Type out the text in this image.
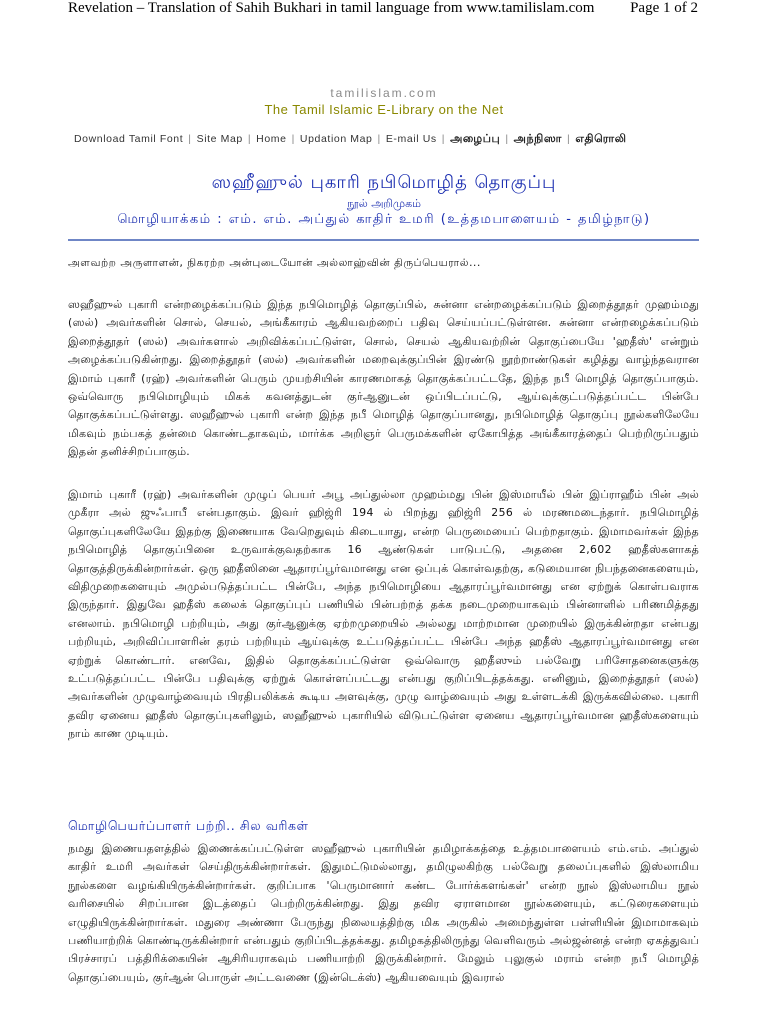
Revelation – Translation of Sahih Bukhari in tamil language from www.tamilislam.com Page 1 of 2
tamilislam.com
The Tamil Islamic E-Library on the Net
Download Tamil Font | Site Map | Home | Updation Map | E-mail Us | அழைப்பு | அந்நிஸா | எதிரொலி
ஸஹீஹுல் புகாரி நபிமொழித் தொகுப்பு
நூல் அறிமுகம்
மொழியாக்கம் : எம். எம். அப்துல் காதிர் உமரி (உத்தமபாளையம் - தமிழ்நாடு)
அளவற்ற அருளாளன், நிகரற்ற அன்புடையோன் அல்லாஹ்வின் திருப்பெயரால்...
ஸஹீஹுல் புகாரி என்றழைக்கப்படும் இந்த நபிமொழித் தொகுப்பில், சுன்னா என்றழைக்கப்படும் இறைத்தூதர் முஹம்மது (ஸல்) அவர்களின் சொல், செயல், அங்கீகாரம் ஆகியவற்றைப் பதிவு செய்யப்பட்டுள்ளன. சுன்னா என்றழைக்கப்படும் இறைத்தூதர் (ஸல்) அவர்களால் அறிவிக்கப்பட்டுள்ள, சொல், செயல் ஆகியவற்றின் தொகுப்பையே 'ஹதீஸ்' என்றும் அழைக்கப்படுகின்றது. இறைத்தூதர் (ஸல்) அவர்களின் மறைவுக்குப்பின் இரண்டு நூற்றாண்டுகள் கழித்து வாழ்ந்தவரான இமாம் புகாரீ (ரஹ்) அவர்களின் பெரும் முயற்சியின் காரணமாகத் தொகுக்கப்பட்டதே, இந்த நபீ மொழித் தொகுப்பாகும். ஒவ்வொரு நபிமொழியும் மிகக் கவனத்துடன் குர்ஆனுடன் ஒப்பிடப்பட்டு, ஆய்வுக்குட்படுத்தப்பட்ட பின்பே தொகுக்கப்பட்டுள்ளது. ஸஹீஹுல் புகாரி என்ற இந்த நபீ மொழித் தொகுப்பானது, நபிமொழித் தொகுப்பு நூல்களிலேயே மிகவும் நம்பகத் தன்மை கொண்டதாகவும், மார்க்க அறிஞர் பெருமக்களின் ஏகோபித்த அங்கீகாரத்தைப் பெற்றிருப்பதும் இதன் தனிச்சிறப்பாகும்.
இமாம் புகாரீ (ரஹ்) அவர்களின் முழுப் பெயர் அபூ அப்துல்லா முஹம்மது பின் இஸ்மாயீல் பின் இப்ராஹீம் பின் அல் முகீரா அல் ஜுஃபாபீ என்பதாகும். இவர் ஹிஜ்ரி 194 ல் பிறந்து ஹிஜ்ரி 256 ல் மரணமடைந்தார். நபிமொழித் தொகுப்புகளிலேயே இதற்கு இணையாக வேறெதுவும் கிடையாது, என்ற பெருமையைப் பெற்றதாகும். இமாமவர்கள் இந்த நபிமொழித் தொகுப்பினை உருவாக்குவதற்காக 16 ஆண்டுகள் பாடுபட்டு, அதனை 2,602 ஹதீஸ்களாகத் தொகுத்திருக்கின்றார்கள். ஒரு ஹதீஸினை ஆதாரப்பூர்வமானது என ஒப்புக் கொள்வதற்கு, கடுமையான நிபந்தனைகளையும், விதிமுறைகளையும் அமுல்படுத்தப்பட்ட பின்பே, அந்த நபிமொழியை ஆதாரப்பூர்வமானது என ஏற்றுக் கொள்பவராக இருந்தார். இதுவே ஹதீஸ் கலைக் தொகுப்புப் பணியில் பின்பற்றத் தக்க நடைமுறையாகவும் பின்னாளில் பரிணமித்தது எனலாம். நபிமொழி பற்றியும், அது குர்ஆனுக்கு ஏற்றமுறையில் அல்லது மாற்றமான முறையில் இருக்கின்றதா என்பது பற்றியும், அறிவிப்பாளரின் தரம் பற்றியும் ஆய்வுக்கு உட்படுத்தப்பட்ட பின்பே அந்த ஹதீஸ் ஆதாரப்பூர்வமானது என ஏற்றுக் கொண்டார். எனவே, இதில் தொகுக்கப்பட்டுள்ள ஒவ்வொரு ஹதீஸும் பல்வேறு பரிசோதனைகளுக்கு உட்படுத்தப்பட்ட பின்பே பதிவுக்கு ஏற்றுக் கொள்ளப்பட்டது என்பது குறிப்பிடத்தக்கது. எனினும், இறைத்தூதர் (ஸல்) அவர்களின் முழுவாழ்வையும் பிரதிபலிக்கக் கூடிய அளவுக்கு, முழு வாழ்வையும் அது உள்ளடக்கி இருக்கவில்லை. புகாரி தவிர ஏனைய ஹதீஸ் தொகுப்புகளிலும், ஸஹீஹுல் புகாரியில் விடுபட்டுள்ள ஏனைய ஆதாரப்பூர்வமான ஹதீஸ்களையும் நாம் காண முடியும்.
மொழிபெயர்ப்பாளர் பற்றி.. சில வரிகள்
நமது இணையதளத்தில் இணைக்கப்பட்டுள்ள ஸஹீஹுல் புகாரியின் தமிழாக்கத்தை உத்தமபாளையம் எம்.எம். அப்துல் காதிர் உமரி அவர்கள் செய்திருக்கின்றார்கள். இதுமட்டுமல்லாது, தமிழுலகிற்கு பல்வேறு தலைப்புகளில் இஸ்லாமிய நூல்களை வழங்கியிருக்கின்றார்கள். குறிப்பாக 'பெருமானார் கண்ட போர்க்களங்கள்' என்ற நூல் இஸ்லாமிய நூல் வரிசையில் சிறப்பான இடத்தைப் பெற்றிருக்கின்றது. இது தவிர ஏராளமான நூல்களையும், கட்டுரைகளையும் எழுதியிருக்கின்றார்கள். மதுரை அண்ணா பேருந்து நிலையத்திற்கு மிக அருகில் அமைந்துள்ள பள்ளியின் இமாமாகவும் பணியாற்றிக் கொண்டிருக்கின்றார் என்பதும் குறிப்பிடத்தக்கது. தமிழகத்திலிருந்து வெளிவரும் அல்ஜன்னத் என்ற ஏகத்துவப் பிரச்சாரப் பத்திரிக்கையின் ஆசிரியராகவும் பணியாற்றி இருக்கின்றார். மேலும் புலுகுல் மராம் என்ற நபீ மொழித் தொகுப்பையும், குர்ஆன் பொருள் அட்டவணை (இன்டெக்ஸ்) ஆகியவையும் இவரால்
